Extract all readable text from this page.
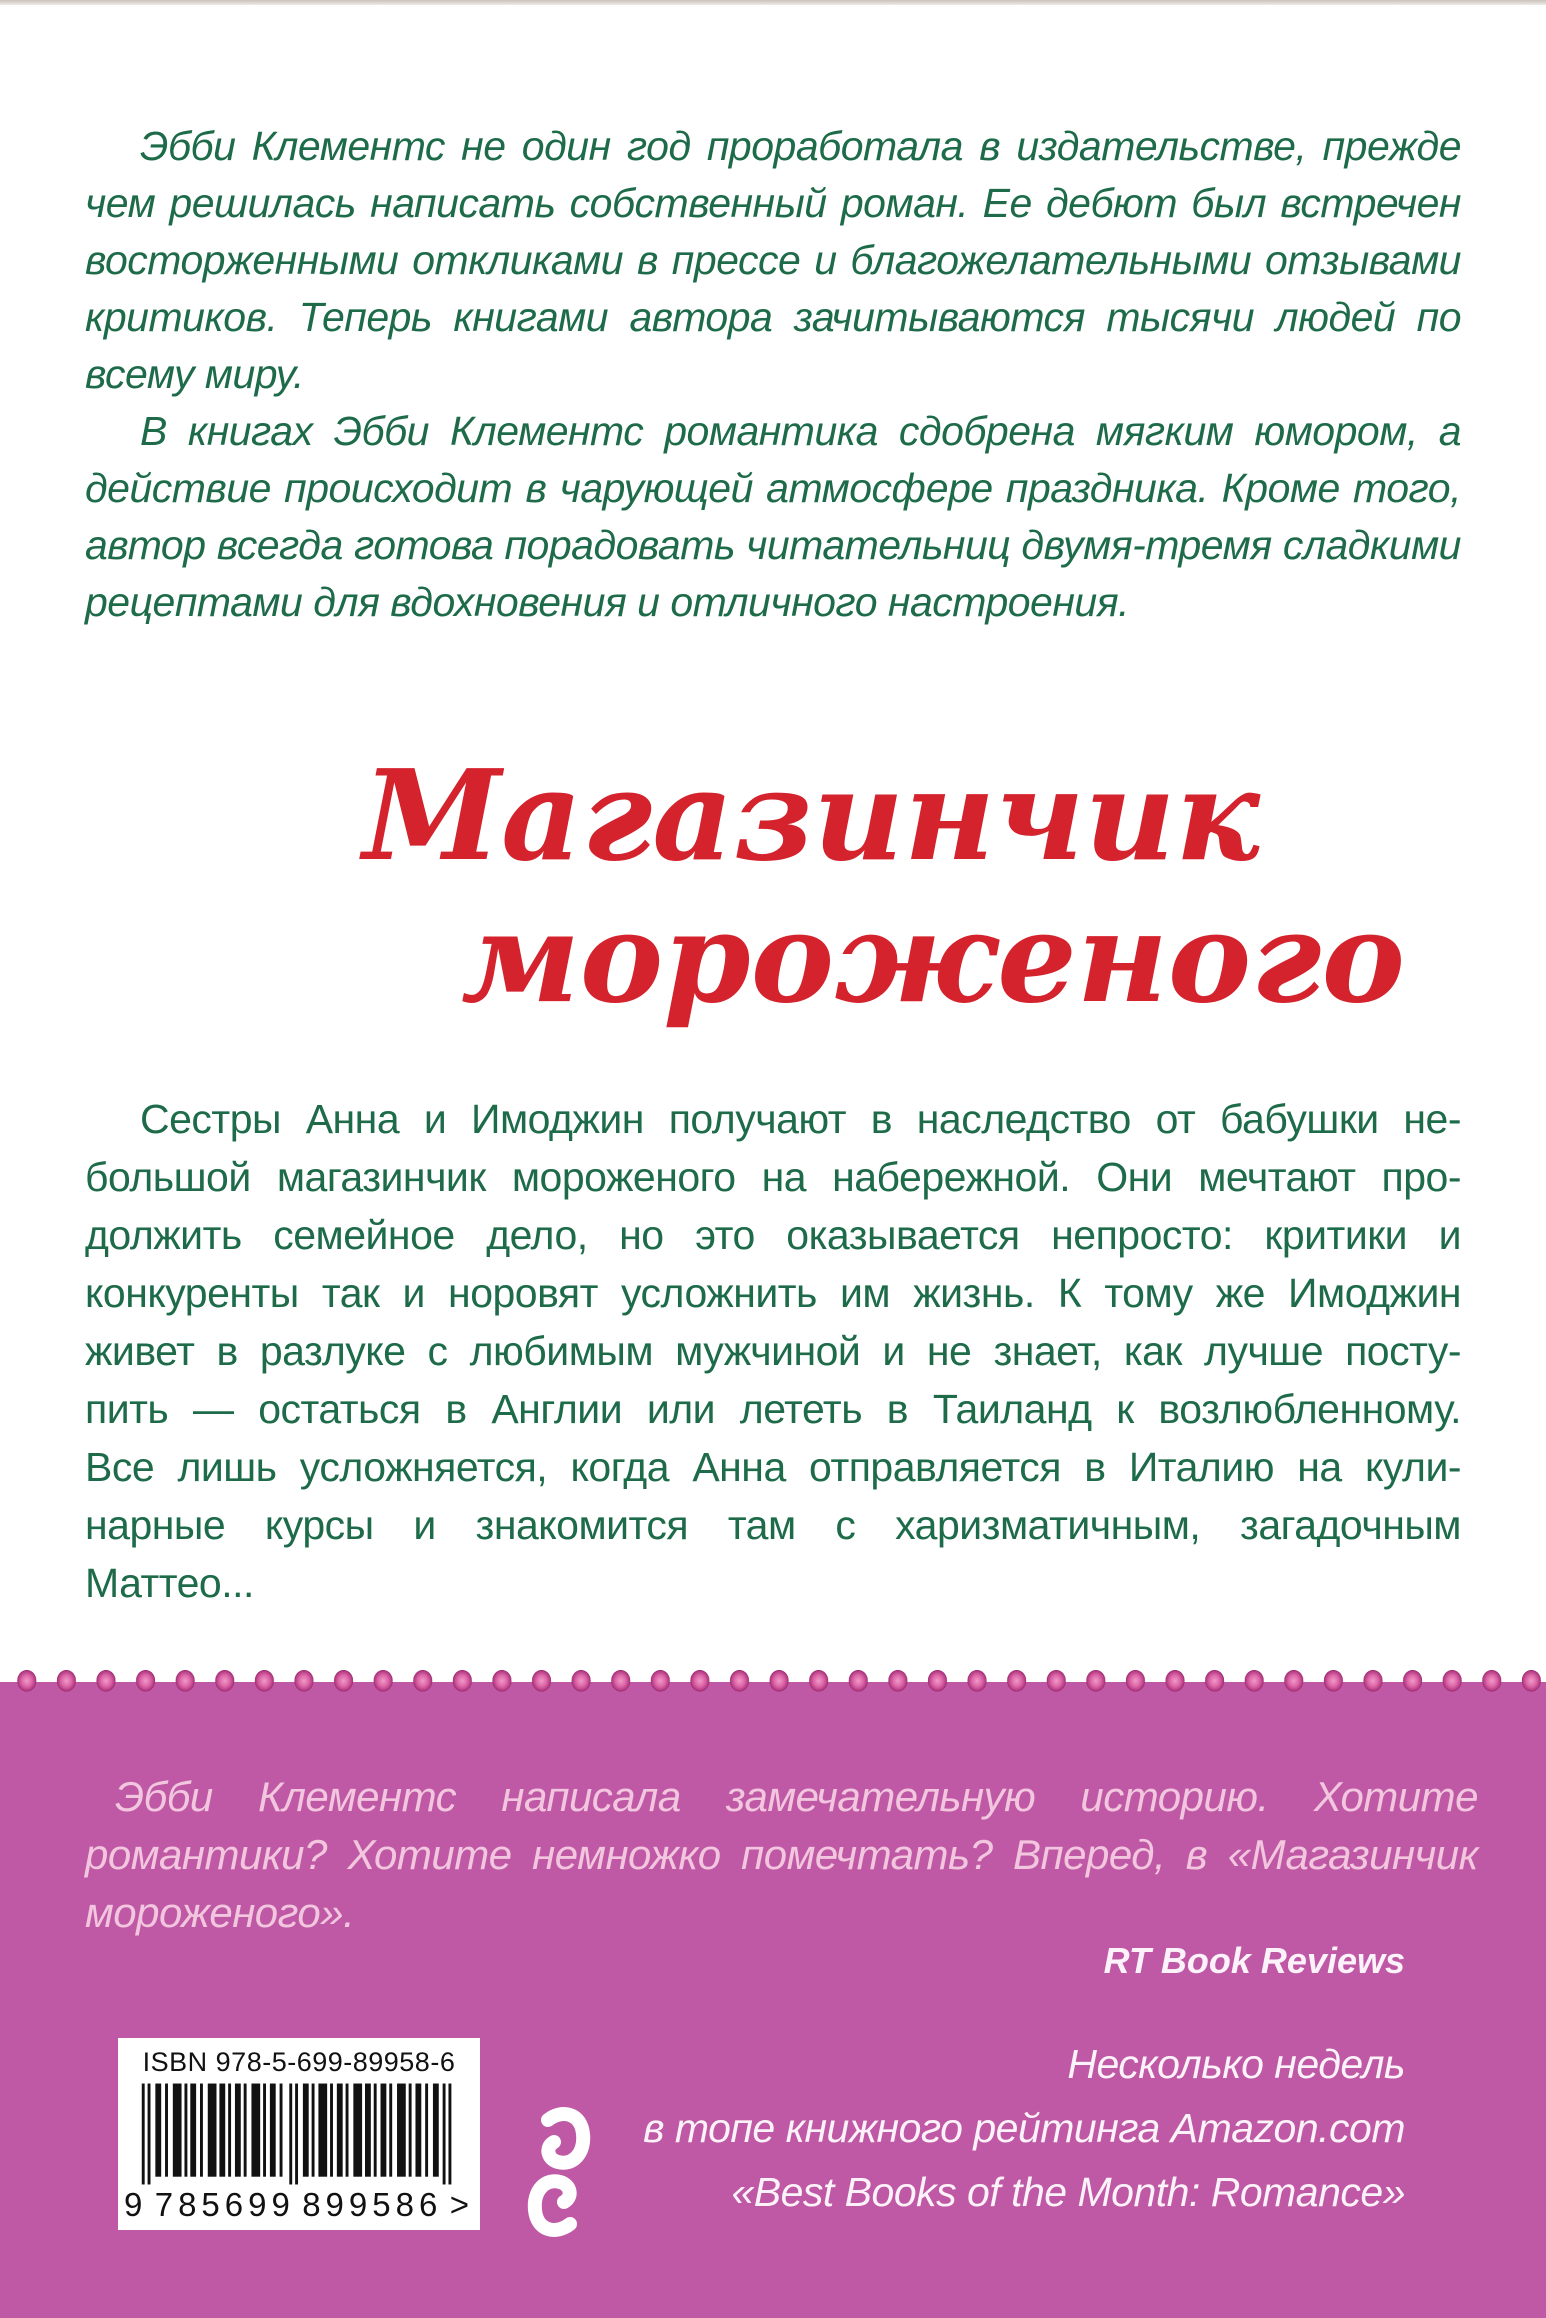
Эбби Клементс не один год проработала в издательстве, прежде
чем решилась написать собственный роман. Ее дебют был встречен
восторженными откликами в прессе и благожелательными отзывами
критиков. Теперь книгами автора зачитываются тысячи людей по
всему миру.
В книгах Эбби Клементс романтика сдобрена мягким юмором, а
действие происходит в чарующей атмосфере праздника. Кроме того,
автор всегда готова порадовать читательниц двумя-тремя сладкими
рецептами для вдохновения и отличного настроения.
Магазинчик
мороженого
Сестры Анна и Имоджин получают в наследство от бабушки не-
большой магазинчик мороженого на набережной. Они мечтают про-
должить семейное дело, но это оказывается непросто: критики и
конкуренты так и норовят усложнить им жизнь. К тому же Имоджин
живет в разлуке с любимым мужчиной и не знает, как лучше посту-
пить — остаться в Англии или лететь в Таиланд к возлюбленному.
Все лишь усложняется, когда Анна отправляется в Италию на кули-
нарные курсы и знакомится там с харизматичным, загадочным
Маттео...
Эбби Клементс написала замечательную историю. Хотите
романтики? Хотите немножко помечтать? Вперед, в «Магазинчик
мороженого».
RT Book Reviews
ISBN 978-5-699-89958-6
9 785699 899586 >
Несколько недель
в топе книжного рейтинга Amazon.com
«Best Books of the Month: Romance»
